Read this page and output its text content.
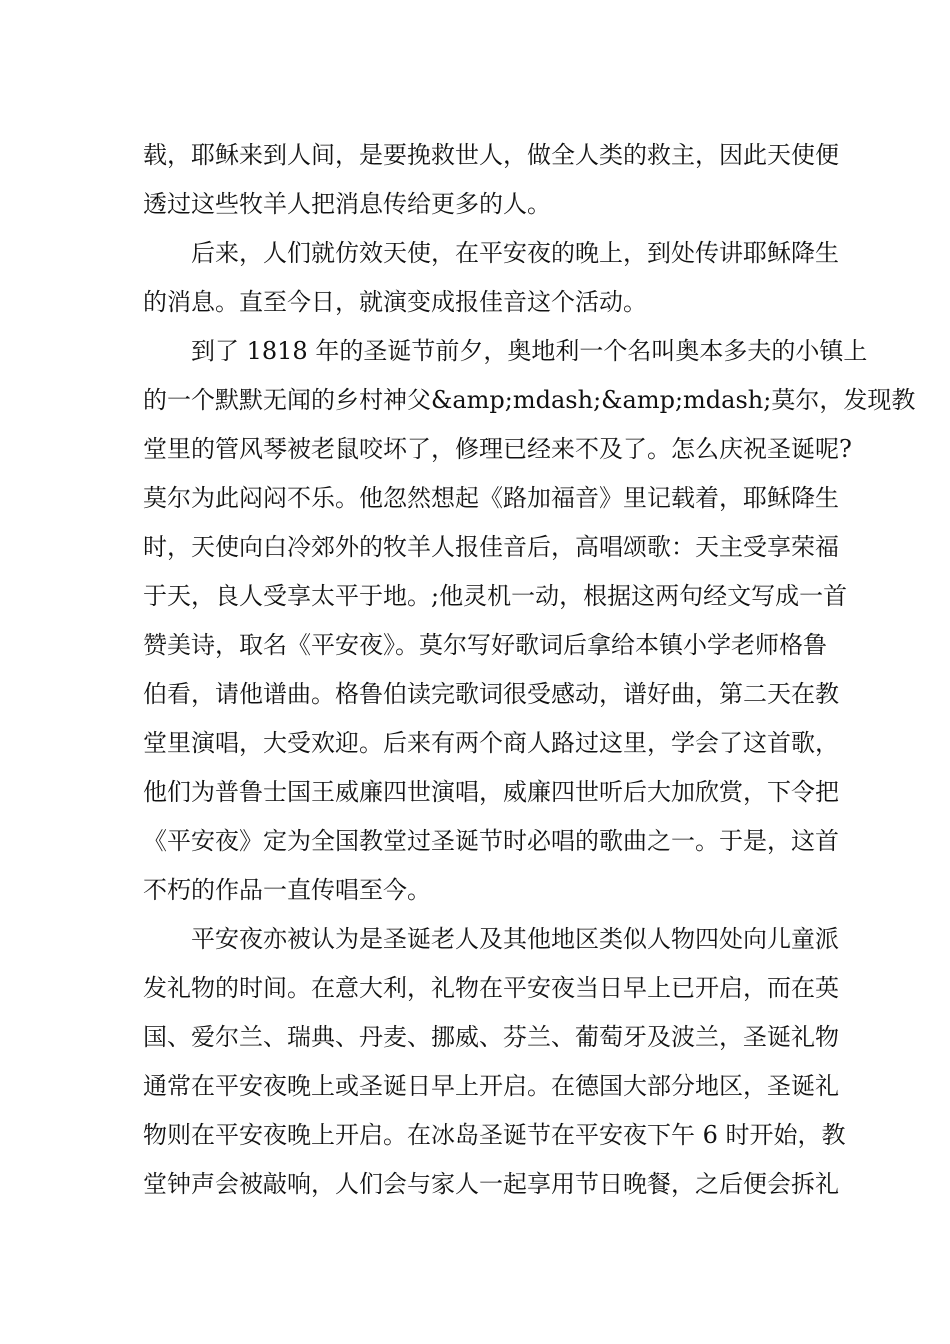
载，耶稣来到人间，是要挽救世人，做全人类的救主，因此天使便
透过这些牧羊人把消息传给更多的人。
后来，人们就仿效天使，在平安夜的晚上，到处传讲耶稣降生
的消息。直至今日，就演变成报佳音这个活动。
到了 1818 年的圣诞节前夕，奥地利一个名叫奥本多夫的小镇上
的一个默默无闻的乡村神父&amp;mdash;&amp;mdash;莫尔，发现教
堂里的管风琴被老鼠咬坏了，修理已经来不及了。怎么庆祝圣诞呢?
莫尔为此闷闷不乐。他忽然想起《路加福音》里记载着，耶稣降生
时，天使向白冷郊外的牧羊人报佳音后，高唱颂歌：天主受享荣福
于天，良人受享太平于地。;他灵机一动，根据这两句经文写成一首
赞美诗，取名《平安夜》。莫尔写好歌词后拿给本镇小学老师格鲁
伯看，请他谱曲。格鲁伯读完歌词很受感动，谱好曲，第二天在教
堂里演唱，大受欢迎。后来有两个商人路过这里，学会了这首歌，
他们为普鲁士国王威廉四世演唱，威廉四世听后大加欣赏，下令把
《平安夜》定为全国教堂过圣诞节时必唱的歌曲之一。于是，这首
不朽的作品一直传唱至今。
平安夜亦被认为是圣诞老人及其他地区类似人物四处向儿童派
发礼物的时间。在意大利，礼物在平安夜当日早上已开启，而在英
国、爱尔兰、瑞典、丹麦、挪威、芬兰、葡萄牙及波兰，圣诞礼物
通常在平安夜晚上或圣诞日早上开启。在德国大部分地区，圣诞礼
物则在平安夜晚上开启。在冰岛圣诞节在平安夜下午 6 时开始，教
堂钟声会被敲响，人们会与家人一起享用节日晚餐，之后便会拆礼
